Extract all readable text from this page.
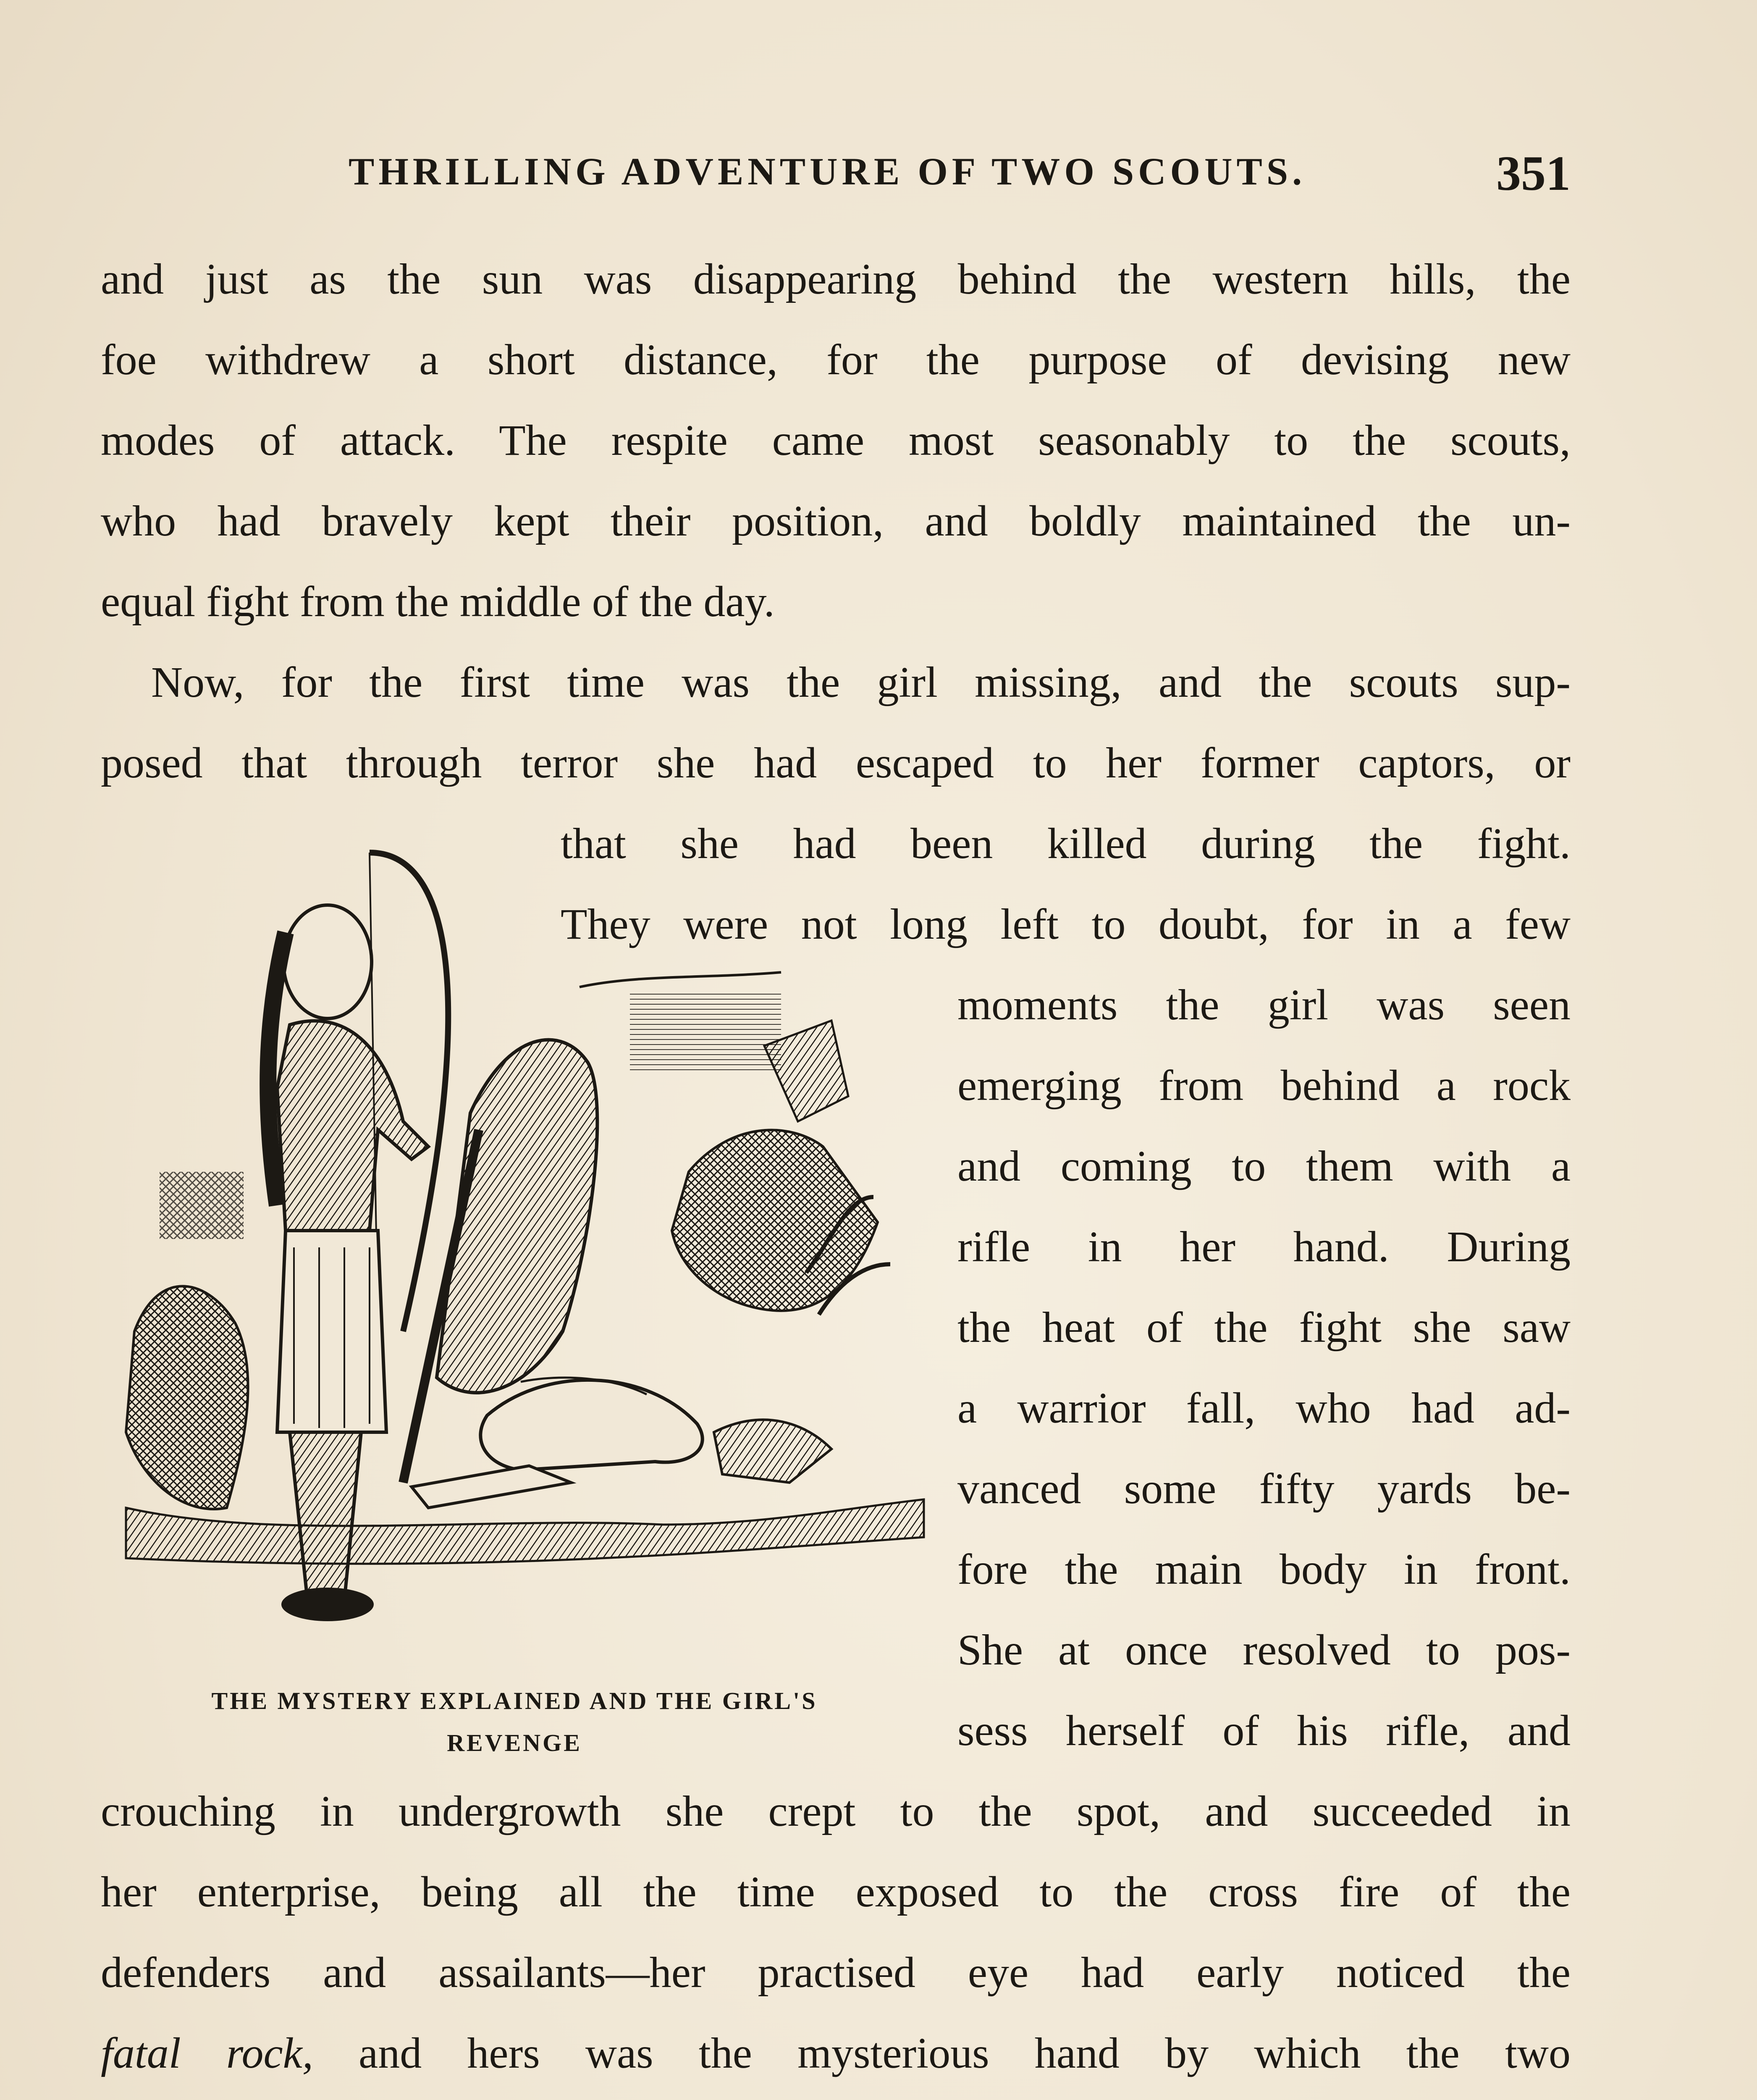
THRILLING ADVENTURE OF TWO SCOUTS.	351
and just as the sun was disappearing behind the western hills, the
foe withdrew a short distance, for the purpose of devising new
modes of attack. The respite came most seasonably to the scouts,
who had bravely kept their position, and boldly maintained the un-
equal fight from the middle of the day.
Now, for the first time was the girl missing, and the scouts sup-
posed that through terror she had escaped to her former captors, or
that she had been killed during the fight.
They were not long left to doubt, for in a few
moments the girl was seen
emerging from behind a rock
and coming to them with a
rifle in her hand. During
the heat of the fight she saw
a warrior fall, who had ad-
vanced some fifty yards be-
fore the main body in front.
She at once resolved to pos-
sess herself of his rifle, and
crouching in undergrowth she crept to the spot, and succeeded in
her enterprise, being all the time exposed to the cross fire of the
defenders and assailants—her practised eye had early noticed the
fatal rock, and hers was the mysterious hand by which the two
THE MYSTERY EXPLAINED AND THE GIRL'S
REVENGE
